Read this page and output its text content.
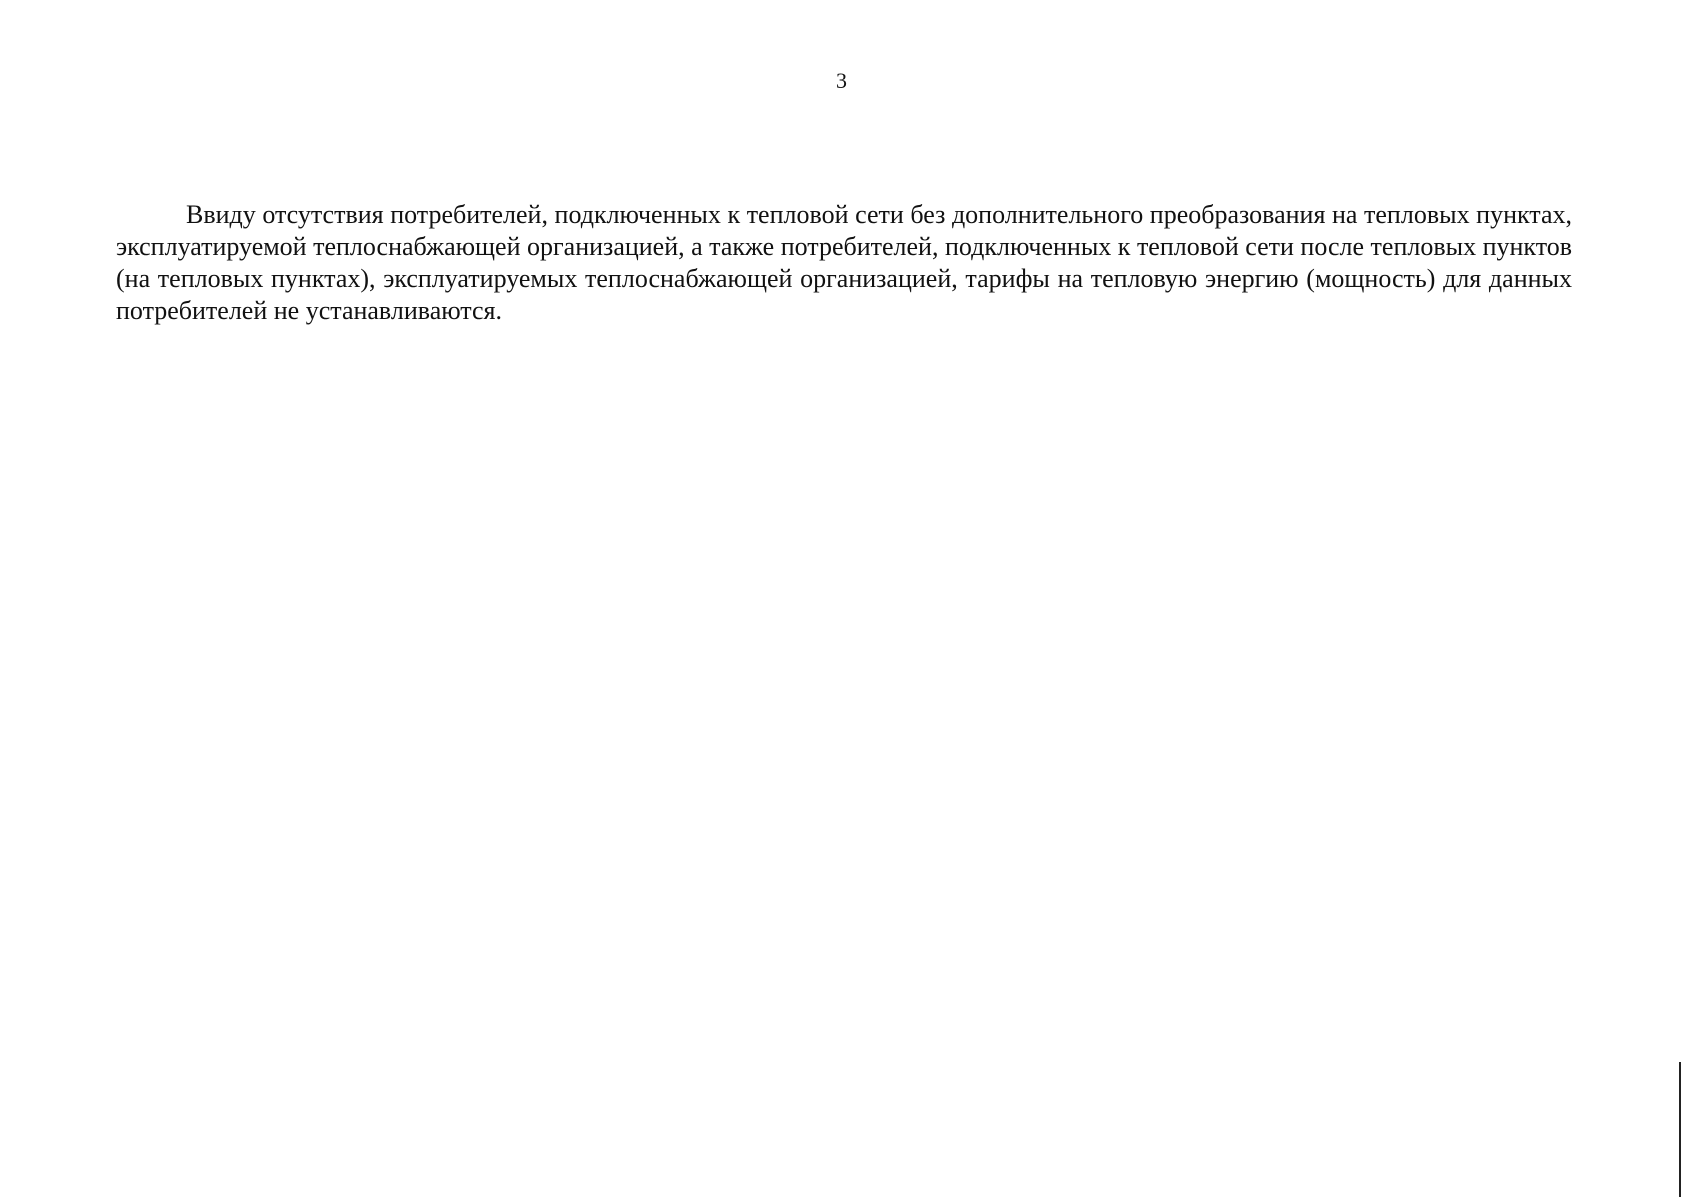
3

Ввиду отсутствия потребителей, подключенных к тепловой сети без дополнительного преобразования на тепловых пунктах, эксплуатируемой теплоснабжающей организацией, а также потребителей, подключенных к тепловой сети после тепловых пунктов (на тепловых пунктах), эксплуатируемых теплоснабжающей организацией, тарифы на тепловую энергию (мощность) для данных потребителей не устанавливаются.
